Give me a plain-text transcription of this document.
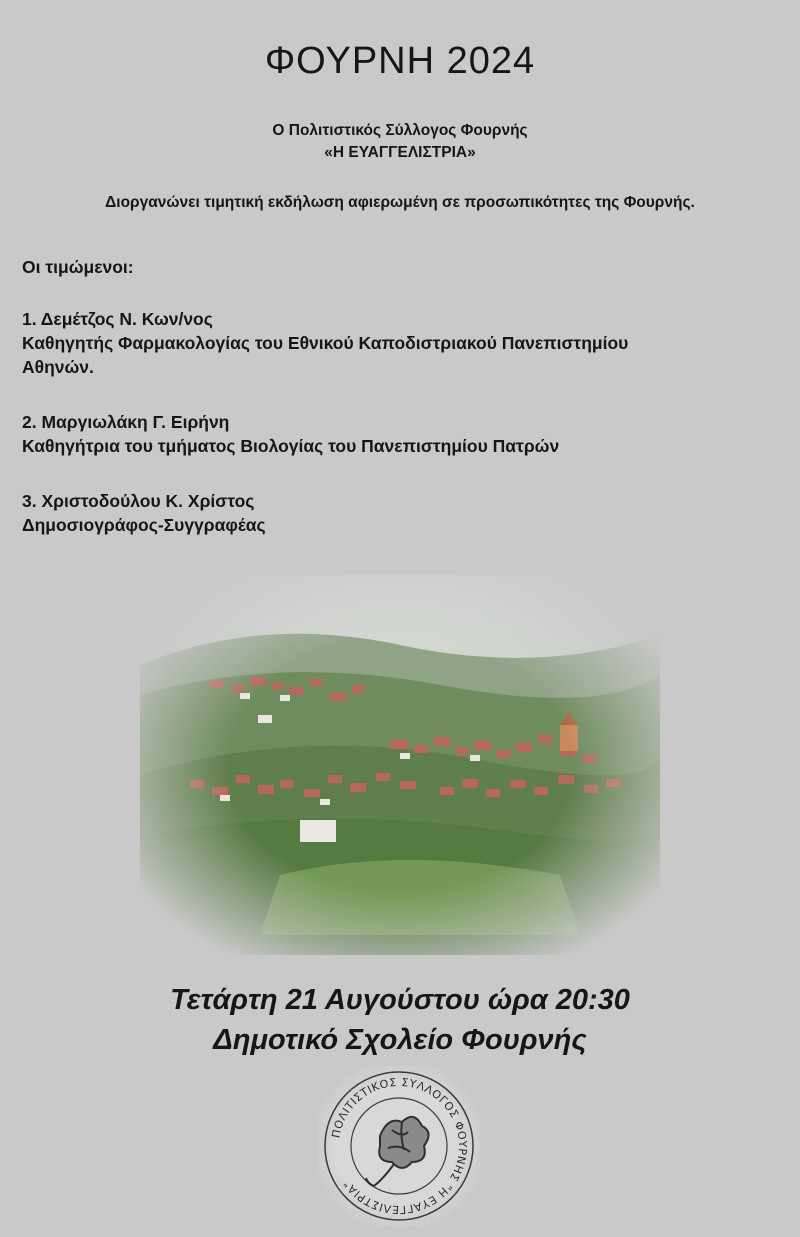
ΦΟΥΡΝΗ 2024
Ο Πολιτιστικός Σύλλογος Φουρνής
«Η ΕΥΑΓΓΕΛΙΣΤΡΙΑ»
Διοργανώνει τιμητική εκδήλωση αφιερωμένη σε προσωπικότητες της Φουρνής.
Οι τιμώμενοι:
1. Δεμέτζος Ν. Κων/νος
Καθηγητής Φαρμακολογίας του Εθνικού Καποδιστριακού Πανεπιστημίου
Αθηνών.
2. Μαργιωλάκη Γ. Ειρήνη
Καθηγήτρια του τμήματος Βιολογίας του Πανεπιστημίου Πατρών
3. Χριστοδούλου Κ. Χρίστος
Δημοσιογράφος-Συγγραφέας
Τετάρτη 21 Αυγούστου ώρα 20:30
Δημοτικό Σχολείο Φουρνής
ΠΟΛΙΤΙΣΤΙΚΟΣ ΣΥΛΛΟΓΟΣ ΦΟΥΡΝΗΣ "Η ΕΥΑΓΓΕΛΙΣΤΡΙΑ"
